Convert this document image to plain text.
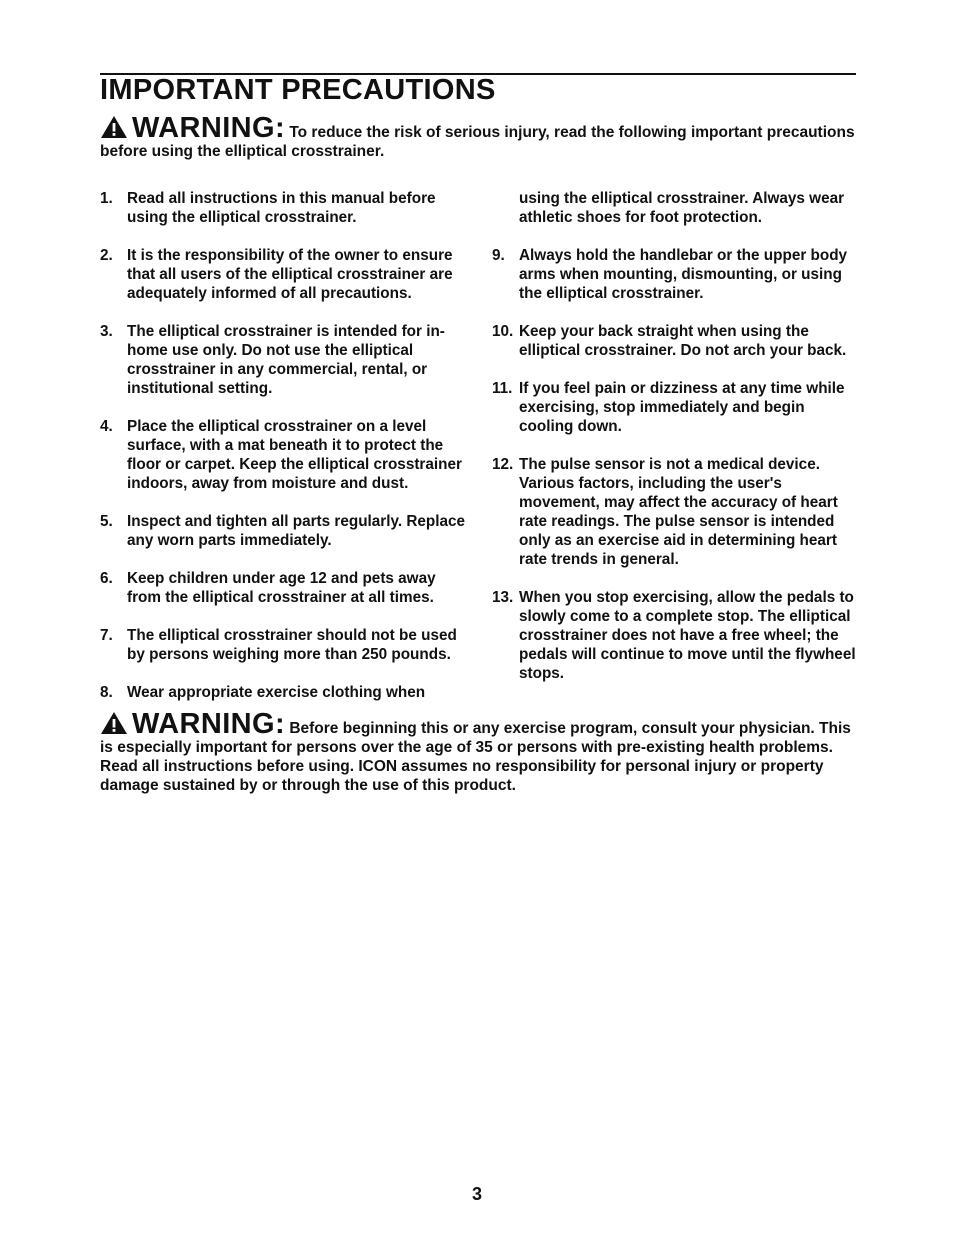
IMPORTANT PRECAUTIONS
WARNING: To reduce the risk of serious injury, read the following important precautions before using the elliptical crosstrainer.
1. Read all instructions in this manual before using the elliptical crosstrainer.
2. It is the responsibility of the owner to ensure that all users of the elliptical crosstrainer are adequately informed of all precautions.
3. The elliptical crosstrainer is intended for in-home use only. Do not use the elliptical crosstrainer in any commercial, rental, or institutional setting.
4. Place the elliptical crosstrainer on a level surface, with a mat beneath it to protect the floor or carpet. Keep the elliptical crosstrainer indoors, away from moisture and dust.
5. Inspect and tighten all parts regularly. Replace any worn parts immediately.
6. Keep children under age 12 and pets away from the elliptical crosstrainer at all times.
7. The elliptical crosstrainer should not be used by persons weighing more than 250 pounds.
8. Wear appropriate exercise clothing when
using the elliptical crosstrainer. Always wear athletic shoes for foot protection.
9. Always hold the handlebar or the upper body arms when mounting, dismounting, or using the elliptical crosstrainer.
10. Keep your back straight when using the elliptical crosstrainer. Do not arch your back.
11. If you feel pain or dizziness at any time while exercising, stop immediately and begin cooling down.
12. The pulse sensor is not a medical device. Various factors, including the user's movement, may affect the accuracy of heart rate readings. The pulse sensor is intended only as an exercise aid in determining heart rate trends in general.
13. When you stop exercising, allow the pedals to slowly come to a complete stop. The elliptical crosstrainer does not have a free wheel; the pedals will continue to move until the flywheel stops.
WARNING: Before beginning this or any exercise program, consult your physician. This is especially important for persons over the age of 35 or persons with pre-existing health problems. Read all instructions before using. ICON assumes no responsibility for personal injury or property damage sustained by or through the use of this product.
3
